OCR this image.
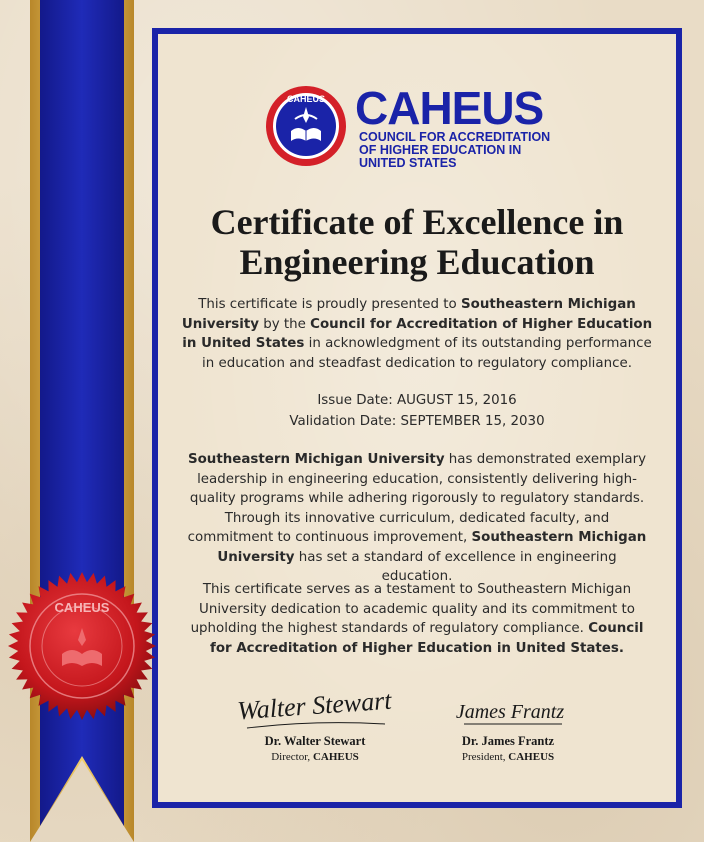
CAHEUS CAHEUS
COUNCIL FOR ACCREDITATION OF HIGHER EDUCATION IN UNITED STATES
Certificate of Excellence in Engineering Education
This certificate is proudly presented to Southeastern Michigan University by the Council for Accreditation of Higher Education in United States in acknowledgment of its outstanding performance in education and steadfast dedication to regulatory compliance.
Issue Date: AUGUST 15, 2016
Validation Date: SEPTEMBER 15, 2030
Southeastern Michigan University has demonstrated exemplary leadership in engineering education, consistently delivering high-quality programs while adhering rigorously to regulatory standards. Through its innovative curriculum, dedicated faculty, and commitment to continuous improvement, Southeastern Michigan University has set a standard of excellence in engineering education.
This certificate serves as a testament to Southeastern Michigan University dedication to academic quality and its commitment to upholding the highest standards of regulatory compliance. Council for Accreditation of Higher Education in United States.
Walter Stewart
Dr. Walter Stewart
Director, CAHEUS
James Frantz
Dr. James Frantz
President, CAHEUS
CAHEUS
